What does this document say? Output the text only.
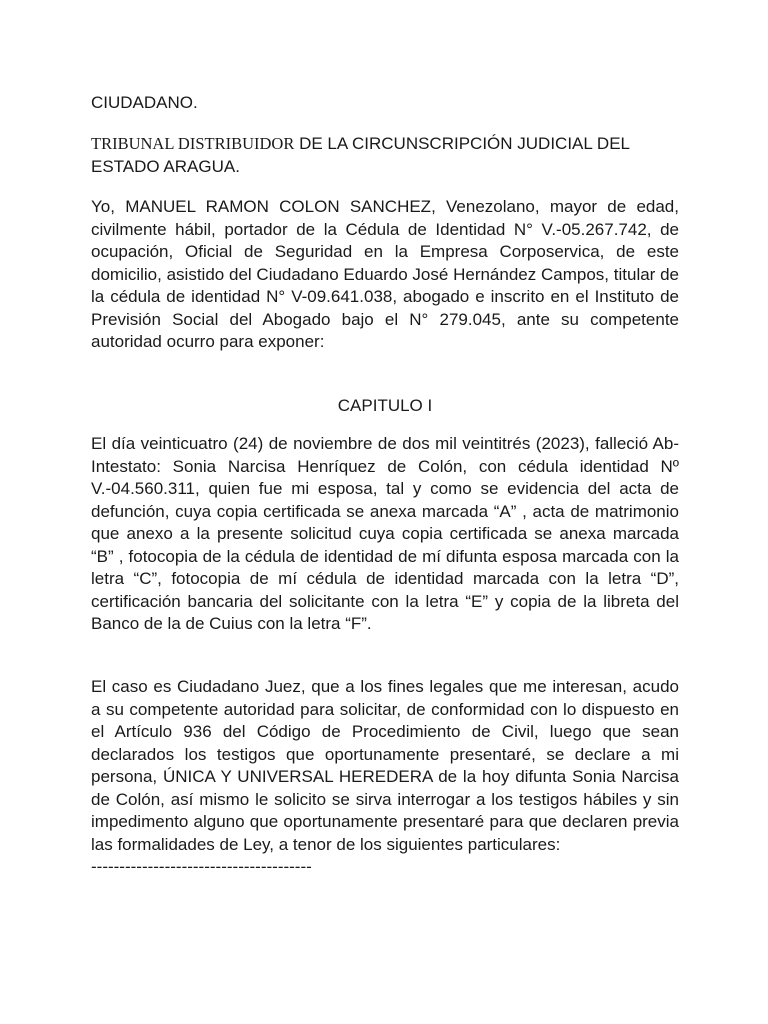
CIUDADANO.

TRIBUNAL DISTRIBUIDOR DE LA CIRCUNSCRIPCIÓN JUDICIAL DEL ESTADO ARAGUA.

Yo, MANUEL RAMON COLON SANCHEZ, Venezolano, mayor de edad, civilmente hábil, portador de la Cédula de Identidad N° V.-05.267.742, de ocupación, Oficial de Seguridad en la Empresa Corposervica, de este domicilio, asistido del Ciudadano Eduardo José Hernández Campos, titular de la cédula de identidad N° V-09.641.038, abogado e inscrito en el Instituto de Previsión Social del Abogado bajo el N° 279.045, ante su competente autoridad ocurro para exponer:

CAPITULO I

El día veinticuatro (24) de noviembre de dos mil veintitrés (2023), falleció Ab-Intestato: Sonia Narcisa Henríquez de Colón, con cédula identidad Nº V.-04.560.311, quien fue mi esposa, tal y como se evidencia del acta de defunción, cuya copia certificada se anexa marcada “A” , acta de matrimonio que anexo a la presente solicitud cuya copia certificada se anexa marcada “B” , fotocopia de la cédula de identidad de mí difunta esposa marcada con la letra “C”, fotocopia de mí cédula de identidad marcada con la letra “D”, certificación bancaria del solicitante con la letra “E” y copia de la libreta del Banco de la de Cuius con la letra “F”.

El caso es Ciudadano Juez, que a los fines legales que me interesan, acudo a su competente autoridad para solicitar, de conformidad con lo dispuesto en el Artículo 936 del Código de Procedimiento de Civil, luego que sean declarados los testigos que oportunamente presentaré, se declare a mi persona, ÚNICA Y UNIVERSAL HEREDERA de la hoy difunta Sonia Narcisa de Colón, así mismo le solicito se sirva interrogar a los testigos hábiles y sin impedimento alguno que oportunamente presentaré para que declaren previa las formalidades de Ley, a tenor de los siguientes particulares:
---------------------------------------
